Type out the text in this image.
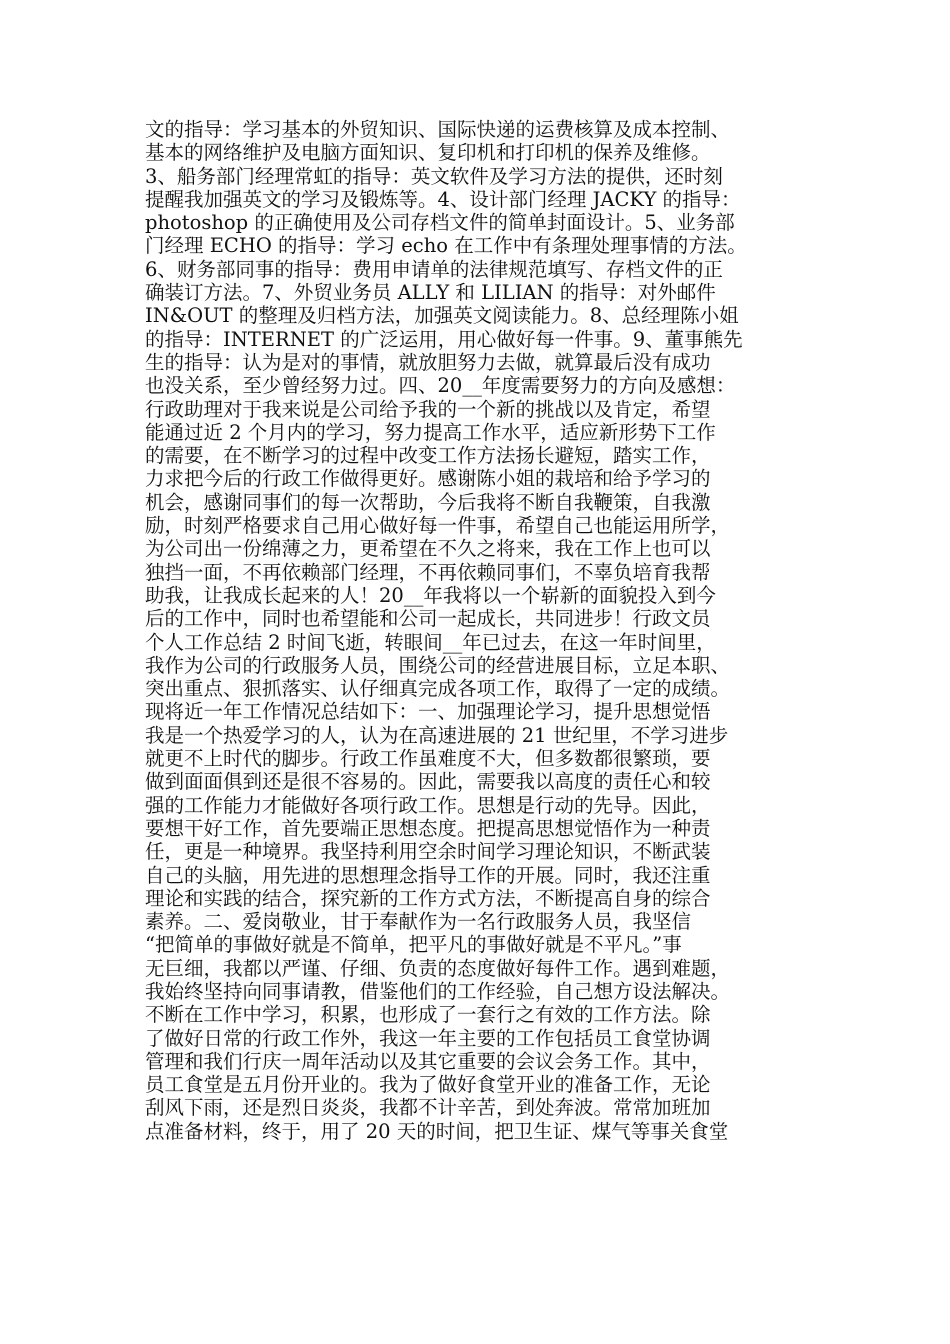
文的指导：学习基本的外贸知识、国际快递的运费核算及成本控制、
基本的网络维护及电脑方面知识、复印机和打印机的保养及维修。
3、船务部门经理常虹的指导：英文软件及学习方法的提供，还时刻
提醒我加强英文的学习及锻炼等。4、设计部门经理 JACKY 的指导：
photoshop 的正确使用及公司存档文件的简单封面设计。5、业务部
门经理 ECHO 的指导：学习 echo 在工作中有条理处理事情的方法。
6、财务部同事的指导：费用申请单的法律规范填写、存档文件的正
确装订方法。7、外贸业务员 ALLY 和 LILIAN 的指导：对外邮件
IN&OUT 的整理及归档方法，加强英文阅读能力。8、总经理陈小姐
的指导：INTERNET 的广泛运用，用心做好每一件事。9、董事熊先
生的指导：认为是对的事情，就放胆努力去做，就算最后没有成功
也没关系，至少曾经努力过。四、20__年度需要努力的方向及感想：
行政助理对于我来说是公司给予我的一个新的挑战以及肯定，希望
能通过近 2 个月内的学习，努力提高工作水平，适应新形势下工作
的需要，在不断学习的过程中改变工作方法扬长避短，踏实工作，
力求把今后的行政工作做得更好。感谢陈小姐的栽培和给予学习的
机会，感谢同事们的每一次帮助，今后我将不断自我鞭策，自我激
励，时刻严格要求自己用心做好每一件事，希望自己也能运用所学，
为公司出一份绵薄之力，更希望在不久之将来，我在工作上也可以
独挡一面，不再依赖部门经理，不再依赖同事们，不辜负培育我帮
助我，让我成长起来的人！20__年我将以一个崭新的面貌投入到今
后的工作中，同时也希望能和公司一起成长，共同进步！行政文员
个人工作总结 2 时间飞逝，转眼间__年已过去，在这一年时间里，
我作为公司的行政服务人员，围绕公司的经营进展目标，立足本职、
突出重点、狠抓落实、认仔细真完成各项工作，取得了一定的成绩。
现将近一年工作情况总结如下：一、加强理论学习，提升思想觉悟
我是一个热爱学习的人，认为在高速进展的 21 世纪里，不学习进步
就更不上时代的脚步。行政工作虽难度不大，但多数都很繁琐，要
做到面面俱到还是很不容易的。因此，需要我以高度的责任心和较
强的工作能力才能做好各项行政工作。思想是行动的先导。因此，
要想干好工作，首先要端正思想态度。把提高思想觉悟作为一种责
任，更是一种境界。我坚持利用空余时间学习理论知识，不断武装
自己的头脑，用先进的思想理念指导工作的开展。同时，我还注重
理论和实践的结合，探究新的工作方式方法，不断提高自身的综合
素养。二、爱岗敬业，甘于奉献作为一名行政服务人员，我坚信
“把简单的事做好就是不简单，把平凡的事做好就是不平凡。”事
无巨细，我都以严谨、仔细、负责的态度做好每件工作。遇到难题，
我始终坚持向同事请教，借鉴他们的工作经验，自己想方设法解决。
不断在工作中学习，积累，也形成了一套行之有效的工作方法。除
了做好日常的行政工作外，我这一年主要的工作包括员工食堂协调
管理和我们行庆一周年活动以及其它重要的会议会务工作。其中，
员工食堂是五月份开业的。我为了做好食堂开业的准备工作，无论
刮风下雨，还是烈日炎炎，我都不计辛苦，到处奔波。常常加班加
点准备材料，终于，用了 20 天的时间，把卫生证、煤气等事关食堂
